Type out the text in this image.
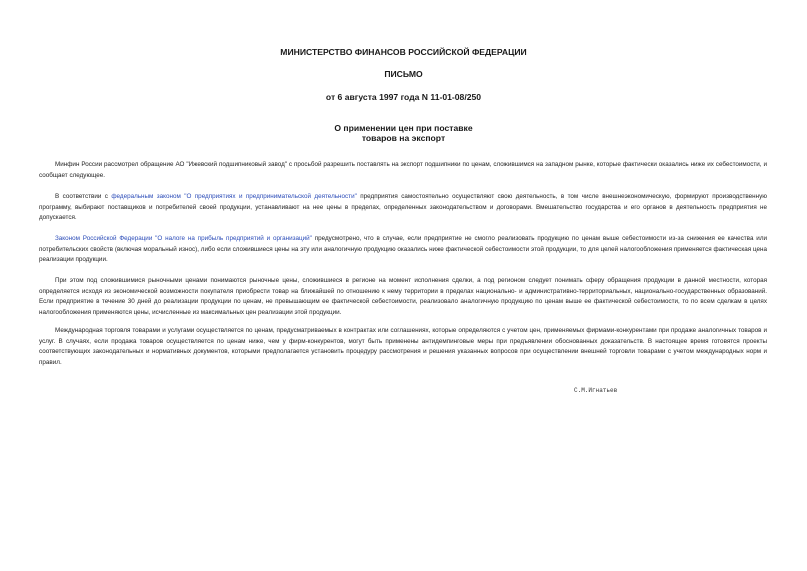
МИНИСТЕРСТВО ФИНАНСОВ РОССИЙСКОЙ ФЕДЕРАЦИИ

ПИСЬМО

от 6 августа 1997 года N 11-01-08/250

О применении цен при поставке

товаров на экспорт

Минфин России рассмотрел обращение АО "Ижевский подшипниковый завод" с просьбой разрешить поставлять на экспорт подшипники по ценам, сложившимся на западном рынке, которые фактически оказались ниже их себестоимости, и сообщает следующее.

В соответствии с федеральным законом "О предприятиях и предпринимательской деятельности" предприятия самостоятельно осуществляют свою деятельность, в том числе внешнеэкономическую, формируют производственную программу, выбирают поставщиков и потребителей своей продукции, устанавливают на нее цены в пределах, определенных законодательством и договорами. Вмешательство государства и его органов в деятельность предприятия не допускается.

Законом Российской Федерации "О налоге на прибыль предприятий и организаций" предусмотрено, что в случае, если предприятие не смогло реализовать продукцию по ценам выше себестоимости из-за снижения ее качества или потребительских свойств (включая моральный износ), либо если сложившиеся цены на эту или аналогичную продукцию оказались ниже фактической себестоимости этой продукции, то для целей налогообложения применяется фактическая цена реализации продукции.

При этом под сложившимися рыночными ценами понимаются рыночные цены, сложившиеся в регионе на момент исполнения сделки, а под регионом следует понимать сферу обращения продукции в данной местности, которая определяется исходя из экономической возможности покупателя приобрести товар на ближайшей по отношению к нему территории в пределах национально- и административно-территориальных, национально-государственных образований. Если предприятие в течение 30 дней до реализации продукции по ценам, не превышающим ее фактической себестоимости, реализовало аналогичную продукцию по ценам выше ее фактической себестоимости, то по всем сделкам в целях налогообложения применяются цены, исчисленные из максимальных цен реализации этой продукции.

Международная торговля товарами и услугами осуществляется по ценам, предусматриваемых в контрактах или соглашениях, которые определяются с учетом цен, применяемых фирмами-конкурентами при продаже аналогичных товаров и услуг. В случаях, если продажа товаров осуществляется по ценам ниже, чем у фирм-конкурентов, могут быть применены антидемпинговые меры при предъявлении обоснованных доказательств. В настоящее время готовятся проекты соответствующих законодательных и нормативных документов, которыми предполагается установить процедуру рассмотрения и решения указанных вопросов при осуществлении внешней торговли товарами с учетом международных норм и правил.

С.М.Игнатьев
